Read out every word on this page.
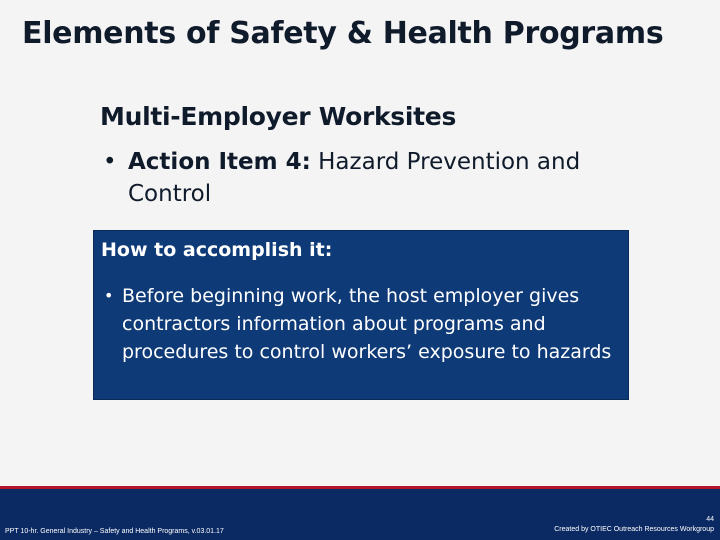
Elements of Safety & Health Programs
Multi-Employer Worksites
• Action Item 4: Hazard Prevention and Control
How to accomplish it:
• Before beginning work, the host employer gives contractors information about programs and procedures to control workers’ exposure to hazards
PPT 10-hr. General Industry – Safety and Health Programs, v.03.01.17
44
Created by OTIEC Outreach Resources Workgroup
